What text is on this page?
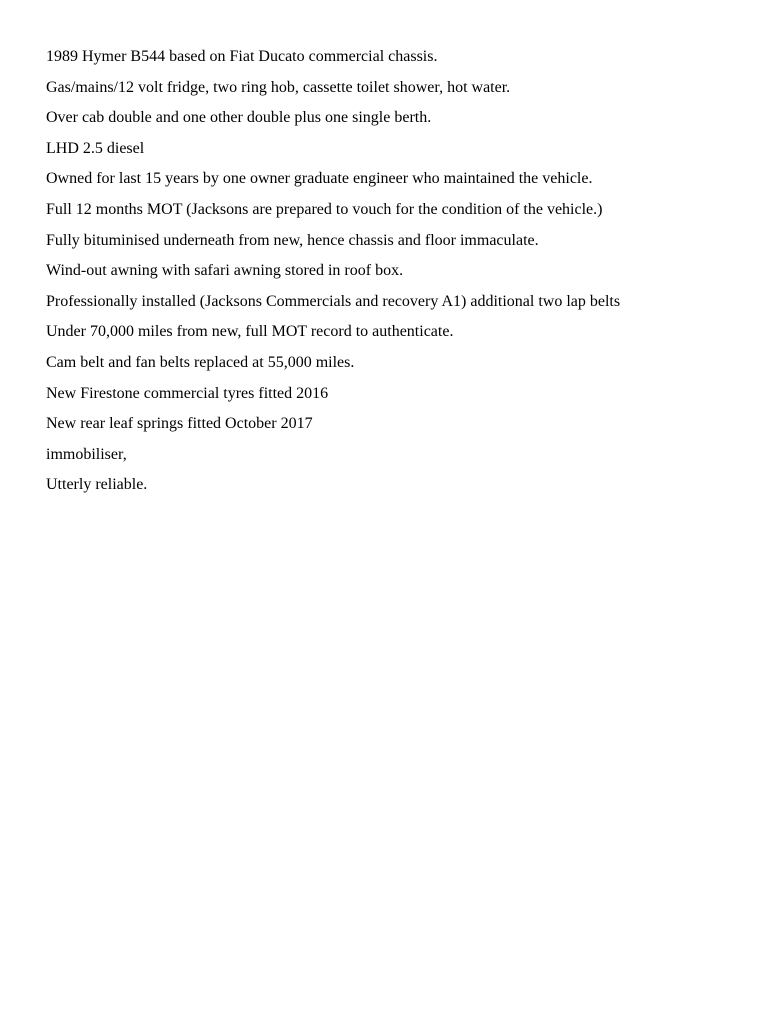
1989 Hymer B544 based on Fiat Ducato commercial chassis.
Gas/mains/12 volt fridge, two ring hob, cassette toilet shower, hot water.
Over cab double and one other double plus one single berth.
LHD 2.5 diesel
Owned for last 15 years by one owner graduate engineer who maintained the vehicle.
Full 12 months MOT (Jacksons are prepared to vouch for the condition of the vehicle.)
Fully bituminised underneath from new, hence chassis and floor immaculate.
Wind-out awning with safari awning stored in roof box.
Professionally installed (Jacksons Commercials and recovery A1) additional two lap belts
Under 70,000 miles from new, full MOT record to authenticate.
Cam belt and fan belts replaced at 55,000 miles.
New Firestone commercial tyres fitted 2016
New rear leaf springs fitted October 2017
immobiliser,
Utterly reliable.
